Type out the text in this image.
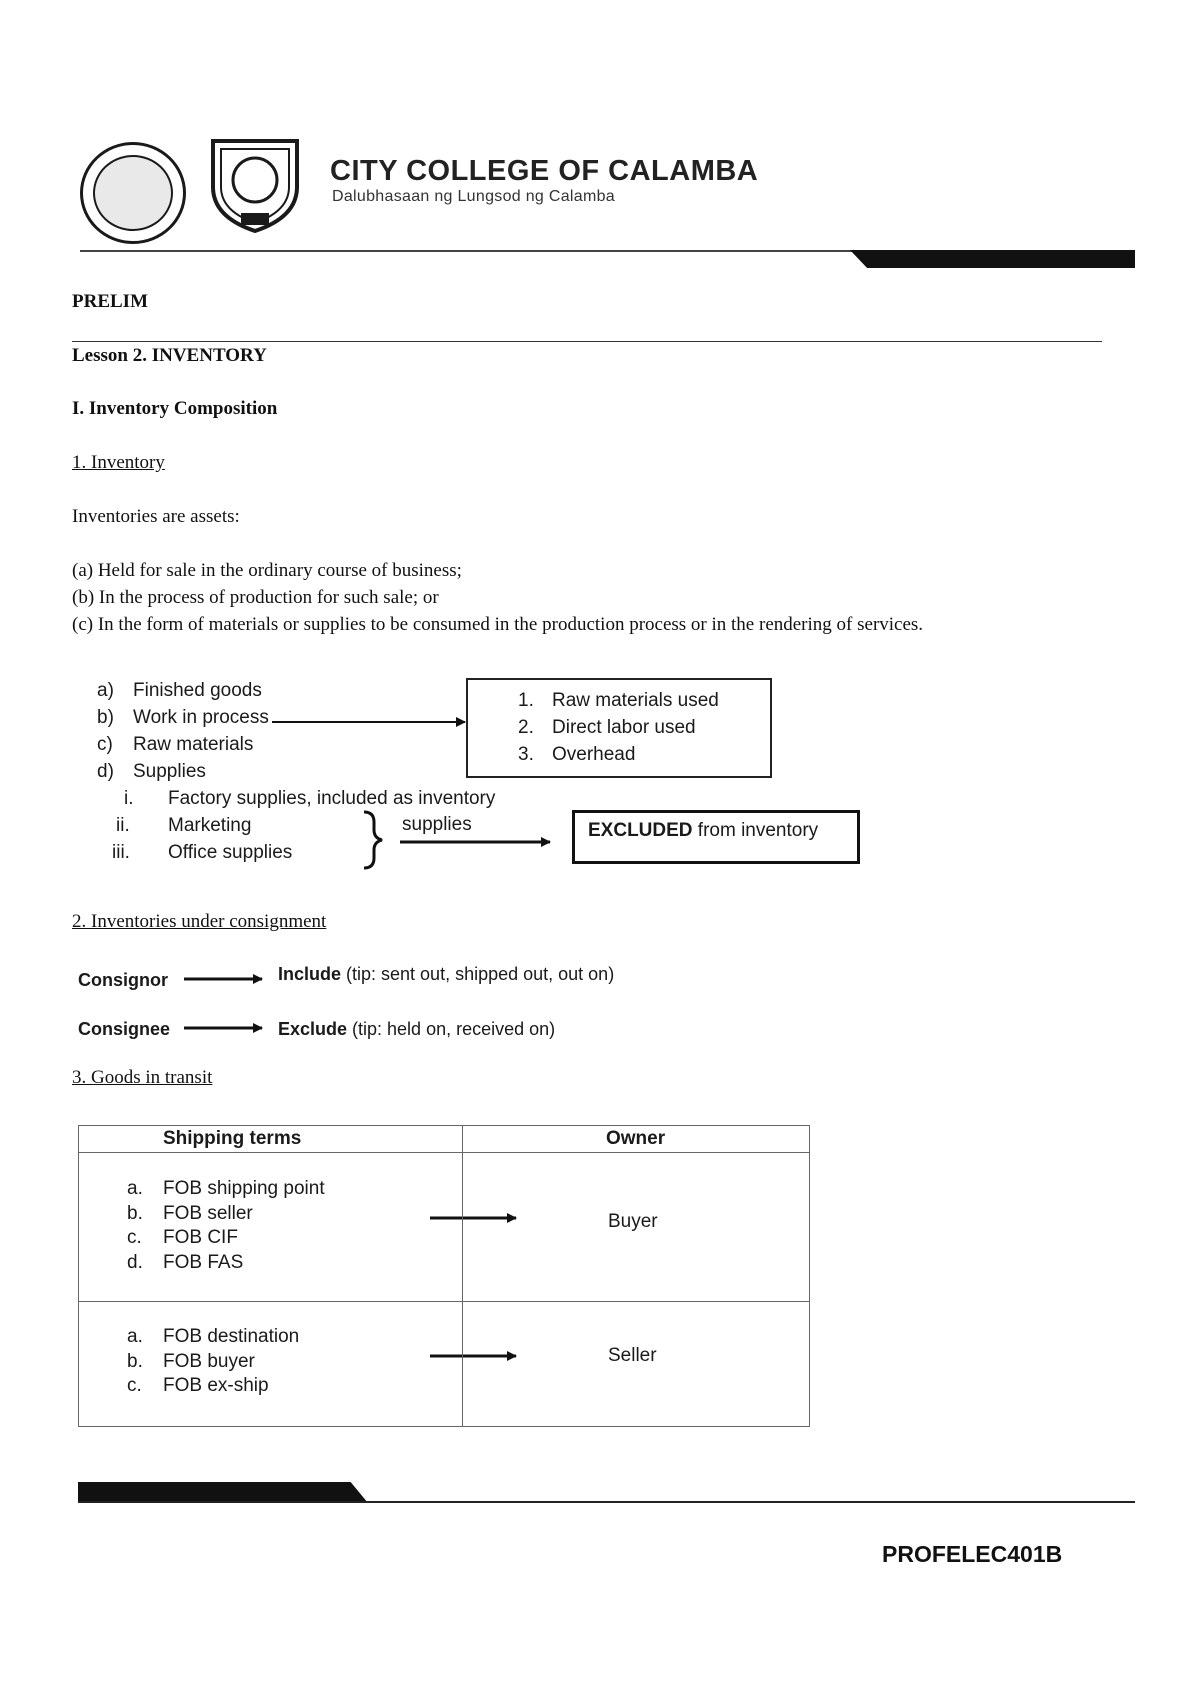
CITY COLLEGE OF CALAMBA
Dalubhasaan ng Lungsod ng Calamba
PRELIM
Lesson 2. INVENTORY
I. Inventory Composition
1. Inventory
Inventories are assets:
(a) Held for sale in the ordinary course of business;
(b) In the process of production for such sale; or
(c) In the form of materials or supplies to be consumed in the production process or in the rendering of services.
a) Finished goods
b) Work in process
c) Raw materials
d) Supplies
i. Factory supplies, included as inventory
ii. Marketing
iii. Office supplies
1. Raw materials used
2. Direct labor used
3. Overhead
supplies	EXCLUDED from inventory
2. Inventories under consignment
Consignor	Include (tip: sent out, shipped out, out on)
Consignee	Exclude (tip: held on, received on)
3. Goods in transit
Shipping terms	Owner
a. FOB shipping point
b. FOB seller
c. FOB CIF
d. FOB FAS
Buyer
a. FOB destination
b. FOB buyer
c. FOB ex-ship
Seller
PROFELEC401B
